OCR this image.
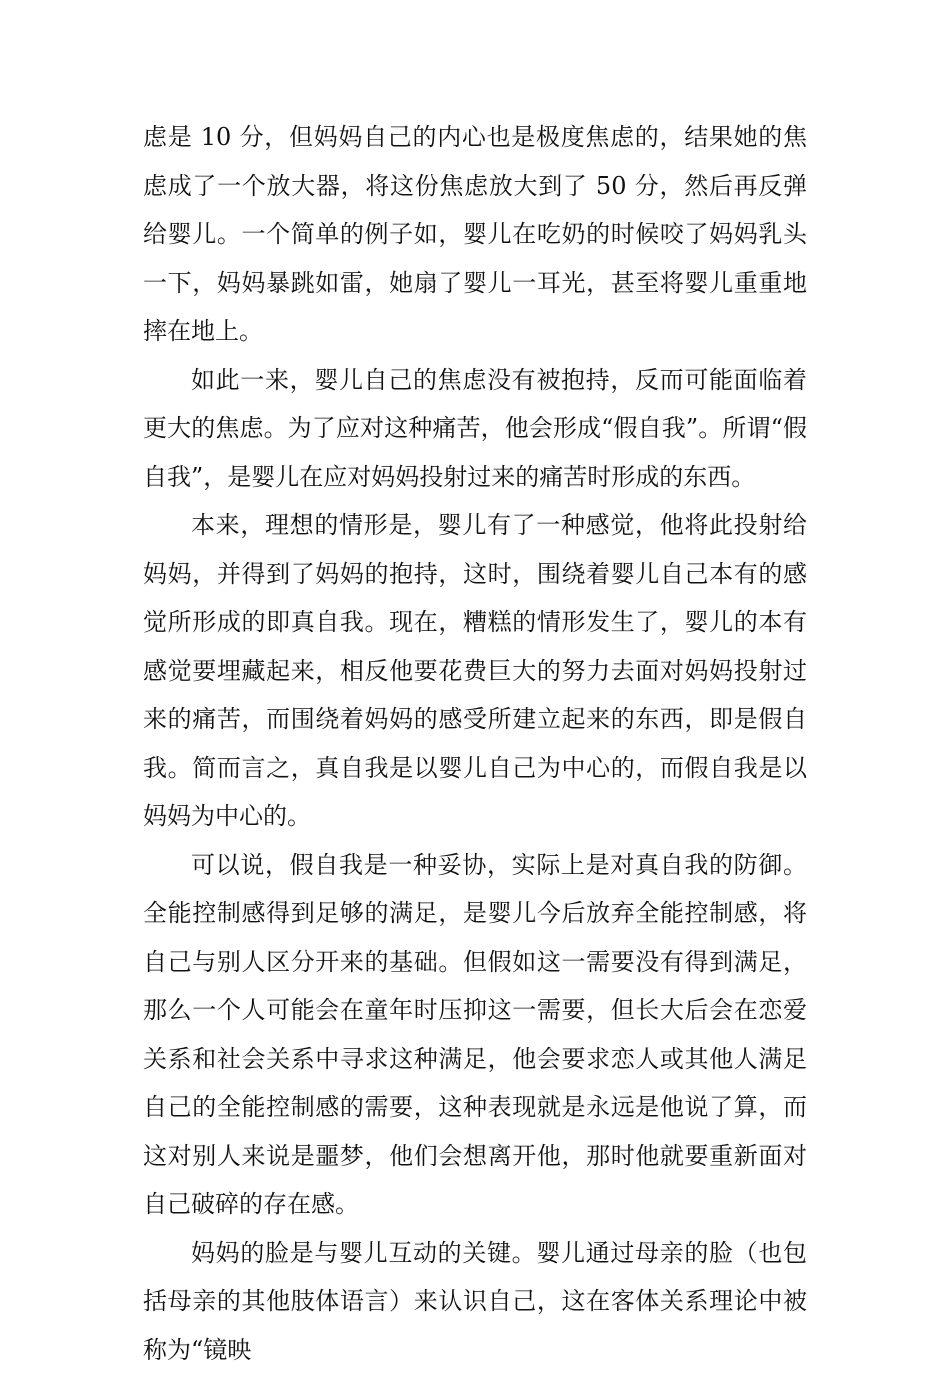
虑是 10 分，但妈妈自己的内心也是极度焦虑的，结果她的焦虑成了一个放大器，将这份焦虑放大到了 50 分，然后再反弹给婴儿。一个简单的例子如，婴儿在吃奶的时候咬了妈妈乳头一下，妈妈暴跳如雷，她扇了婴儿一耳光，甚至将婴儿重重地摔在地上。

如此一来，婴儿自己的焦虑没有被抱持，反而可能面临着更大的焦虑。为了应对这种痛苦，他会形成“假自我”。所谓“假自我”，是婴儿在应对妈妈投射过来的痛苦时形成的东西。

本来，理想的情形是，婴儿有了一种感觉，他将此投射给妈妈，并得到了妈妈的抱持，这时，围绕着婴儿自己本有的感觉所形成的即真自我。现在，糟糕的情形发生了，婴儿的本有感觉要埋藏起来，相反他要花费巨大的努力去面对妈妈投射过来的痛苦，而围绕着妈妈的感受所建立起来的东西，即是假自我。简而言之，真自我是以婴儿自己为中心的，而假自我是以妈妈为中心的。

可以说，假自我是一种妥协，实际上是对真自我的防御。全能控制感得到足够的满足，是婴儿今后放弃全能控制感，将自己与别人区分开来的基础。但假如这一需要没有得到满足，那么一个人可能会在童年时压抑这一需要，但长大后会在恋爱关系和社会关系中寻求这种满足，他会要求恋人或其他人满足自己的全能控制感的需要，这种表现就是永远是他说了算，而这对别人来说是噩梦，他们会想离开他，那时他就要重新面对自己破碎的存在感。

妈妈的脸是与婴儿互动的关键。婴儿通过母亲的脸（也包括母亲的其他肢体语言）来认识自己，这在客体关系理论中被称为“镜映
